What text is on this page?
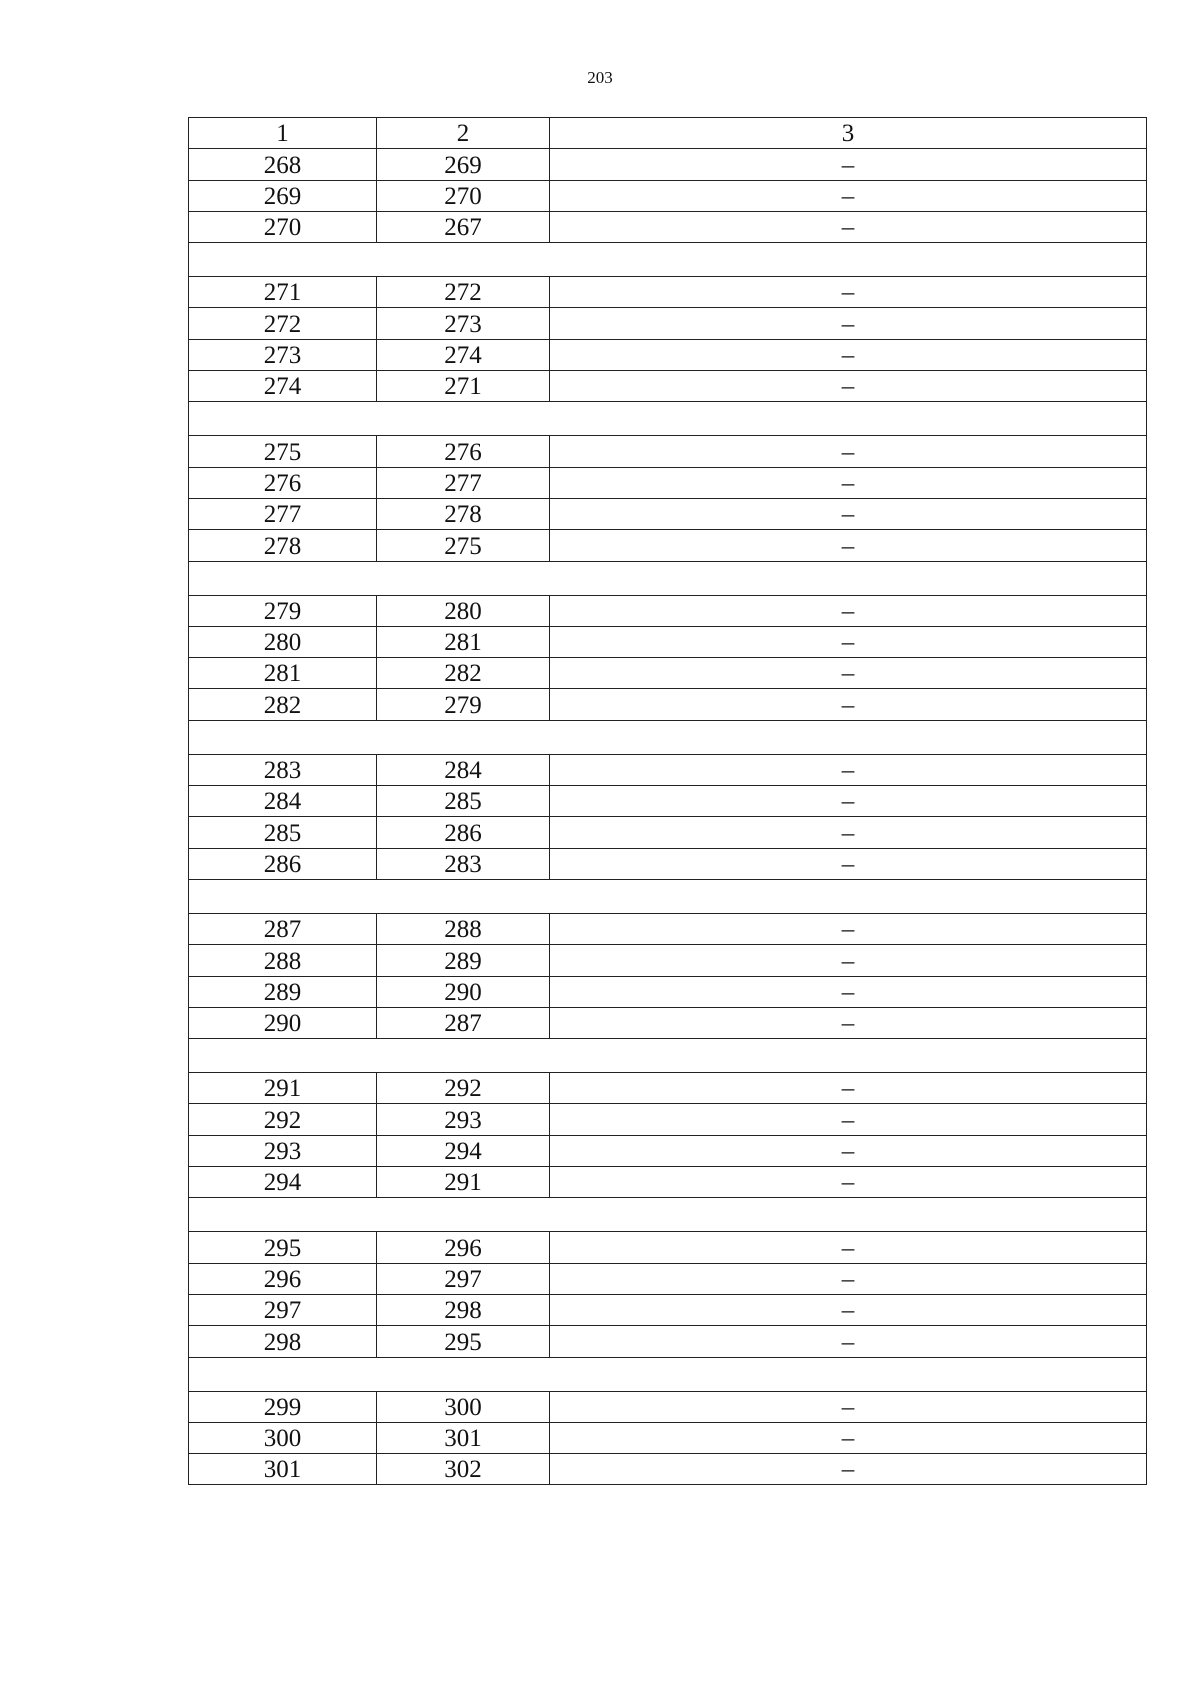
203
1	2	3
268	269	–
269	270	–
270	267	–

271	272	–
272	273	–
273	274	–
274	271	–

275	276	–
276	277	–
277	278	–
278	275	–

279	280	–
280	281	–
281	282	–
282	279	–

283	284	–
284	285	–
285	286	–
286	283	–

287	288	–
288	289	–
289	290	–
290	287	–

291	292	–
292	293	–
293	294	–
294	291	–

295	296	–
296	297	–
297	298	–
298	295	–

299	300	–
300	301	–
301	302	–
